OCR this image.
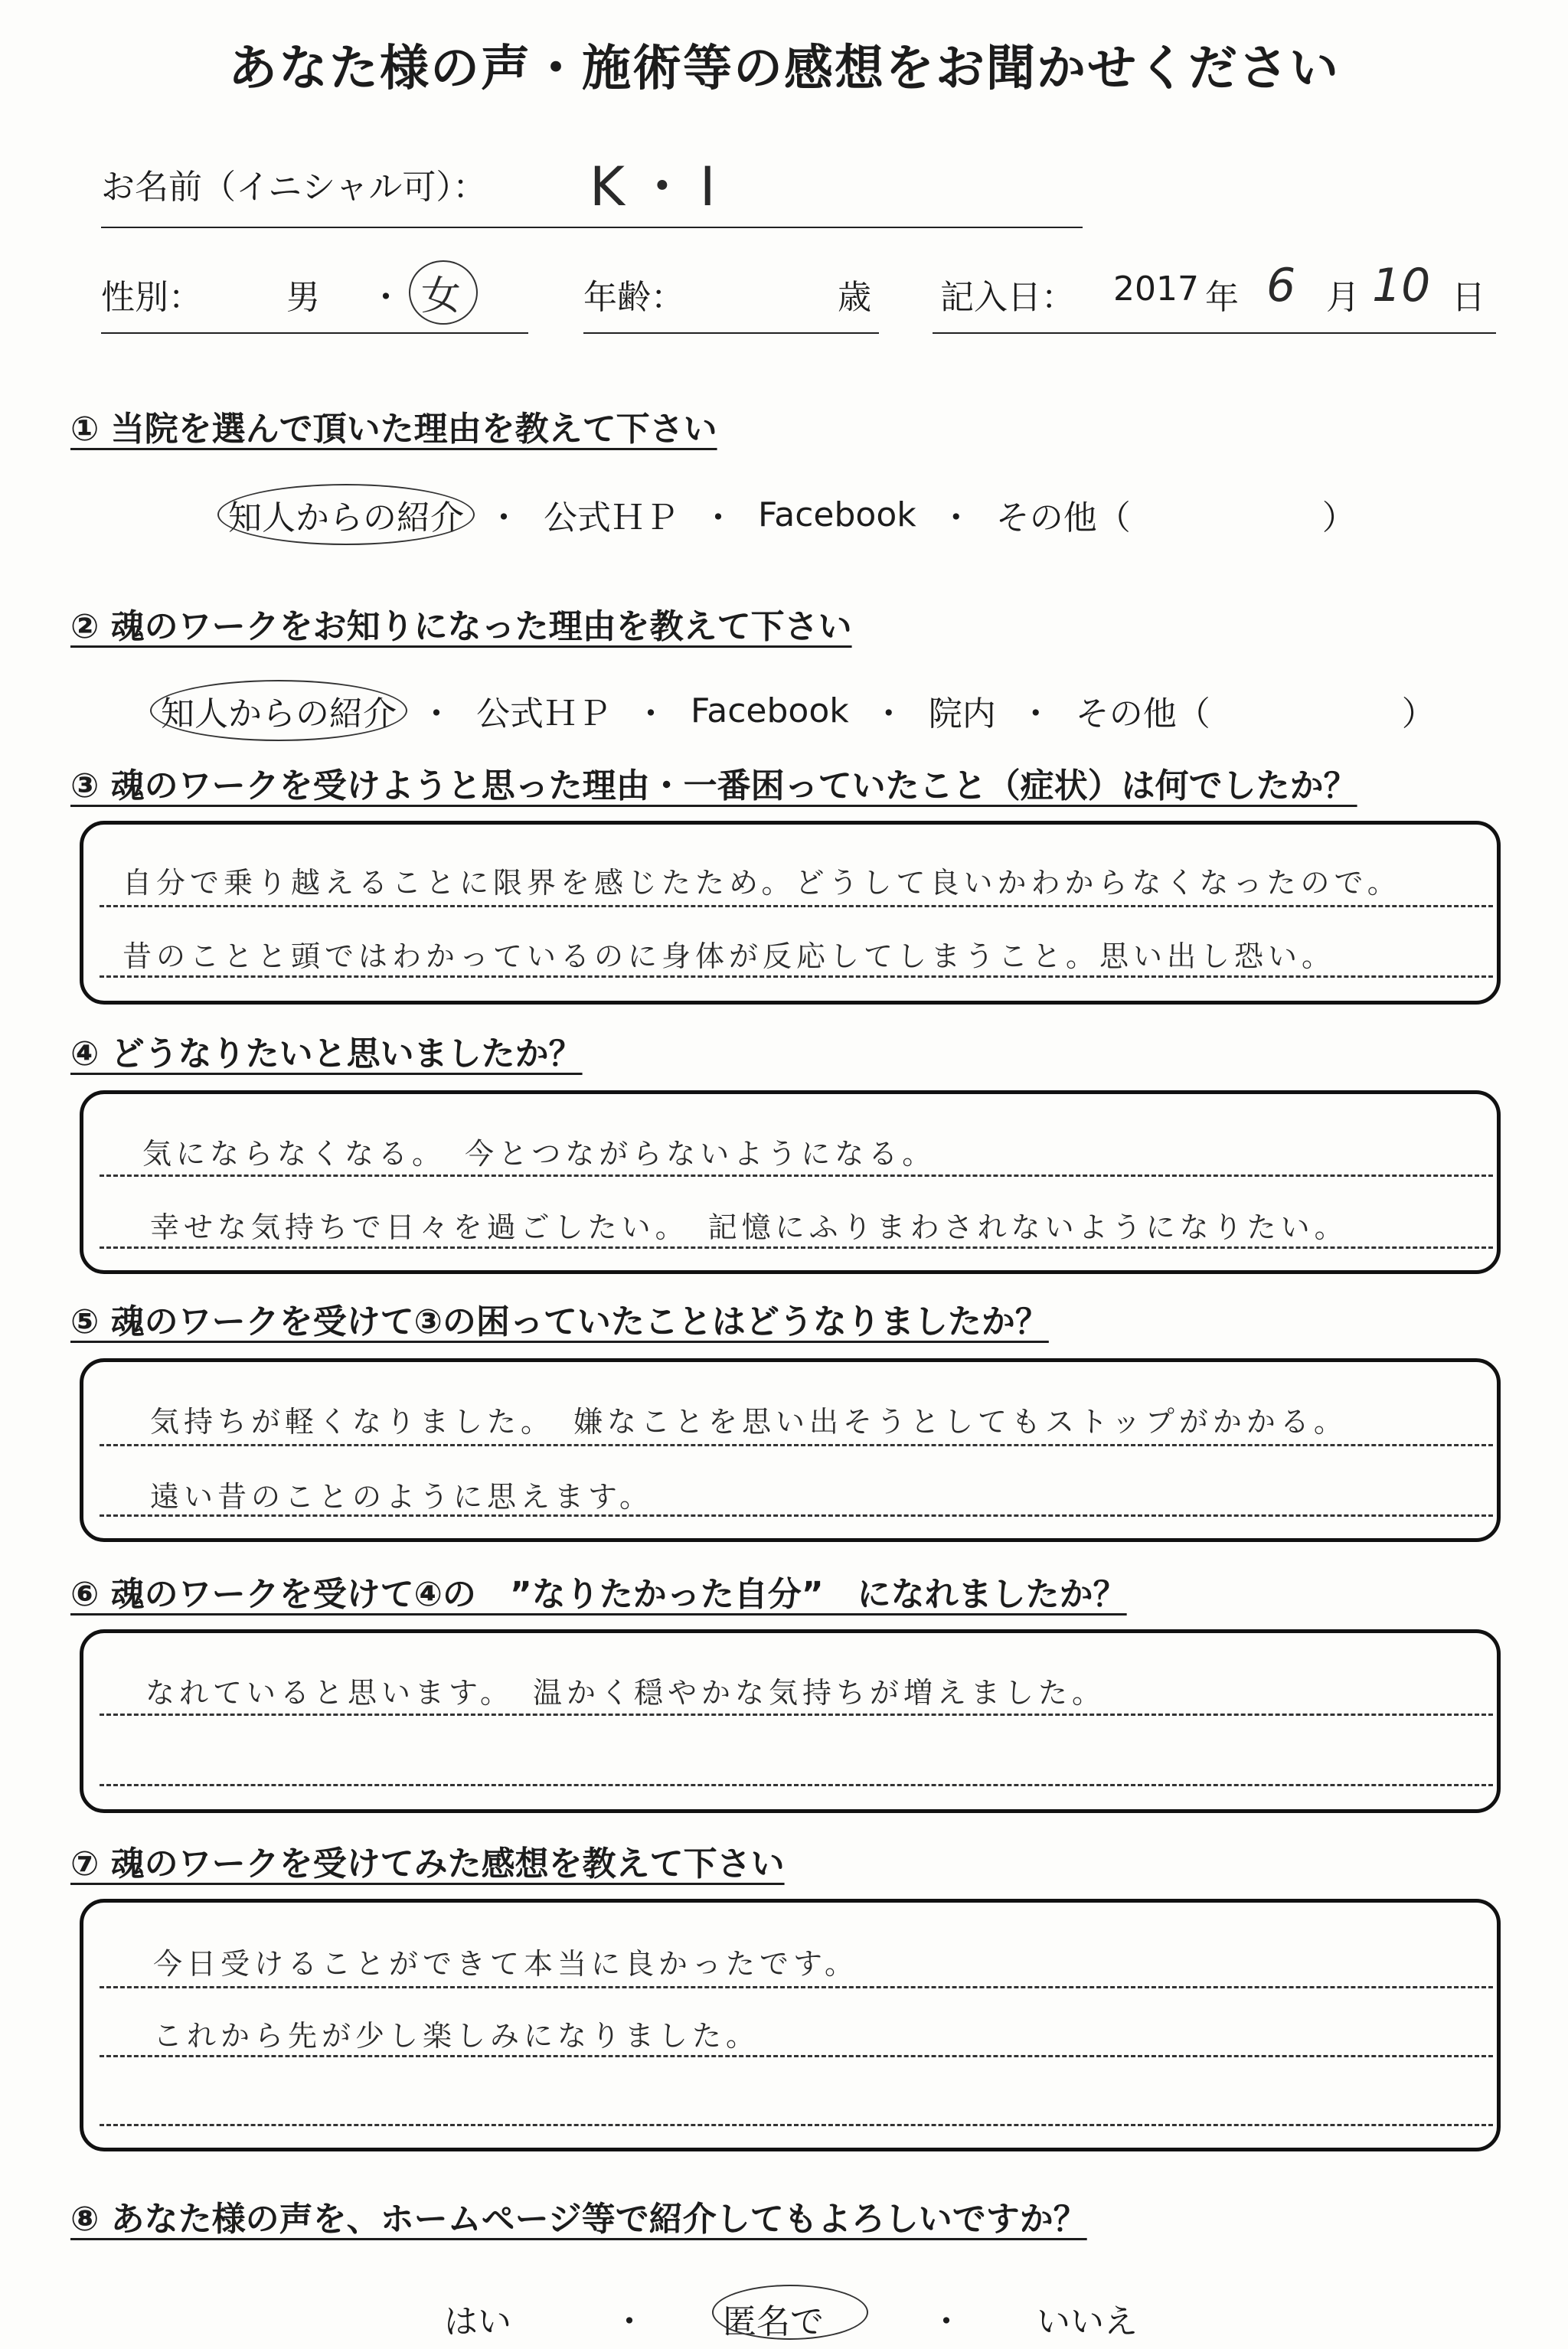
あなた様の声・施術等の感想をお聞かせください
お名前（イニシャル可）： K・I
性別：	男 ・ 女	年齢：	歳 記入日： 2017 年 6 月 10 日
① 当院を選んで頂いた理由を教えて下さい
知人からの紹介 ・ 公式ＨＰ ・ Facebook ・ その他（	）
② 魂のワークをお知りになった理由を教えて下さい
知人からの紹介 ・ 公式ＨＰ ・ Facebook ・ 院内 ・ その他（	）
③ 魂のワークを受けようと思った理由・一番困っていたこと（症状）は何でしたか？
自分で乗り越えることに限界を感じたため。どうして良いかわからなくなったので。
昔のことと頭ではわかっているのに身体が反応してしまうこと。思い出し恐い。
④ どうなりたいと思いましたか？
気にならなくなる。　今とつながらないようになる。
幸せな気持ちで日々を過ごしたい。　記憶にふりまわされないようになりたい。
⑤ 魂のワークを受けて③の困っていたことはどうなりましたか？
気持ちが軽くなりました。　嫌なことを思い出そうとしてもストップがかかる。
遠い昔のことのように思えます。
⑥ 魂のワークを受けて④の　”なりたかった自分”　になれましたか？
なれていると思います。　温かく穏やかな気持ちが増えました。
⑦ 魂のワークを受けてみた感想を教えて下さい
今日受けることができて本当に良かったです。
これから先が少し楽しみになりました。
⑧ あなた様の声を、ホームページ等で紹介してもよろしいですか？
はい	・ 匿名で	・ いいえ
